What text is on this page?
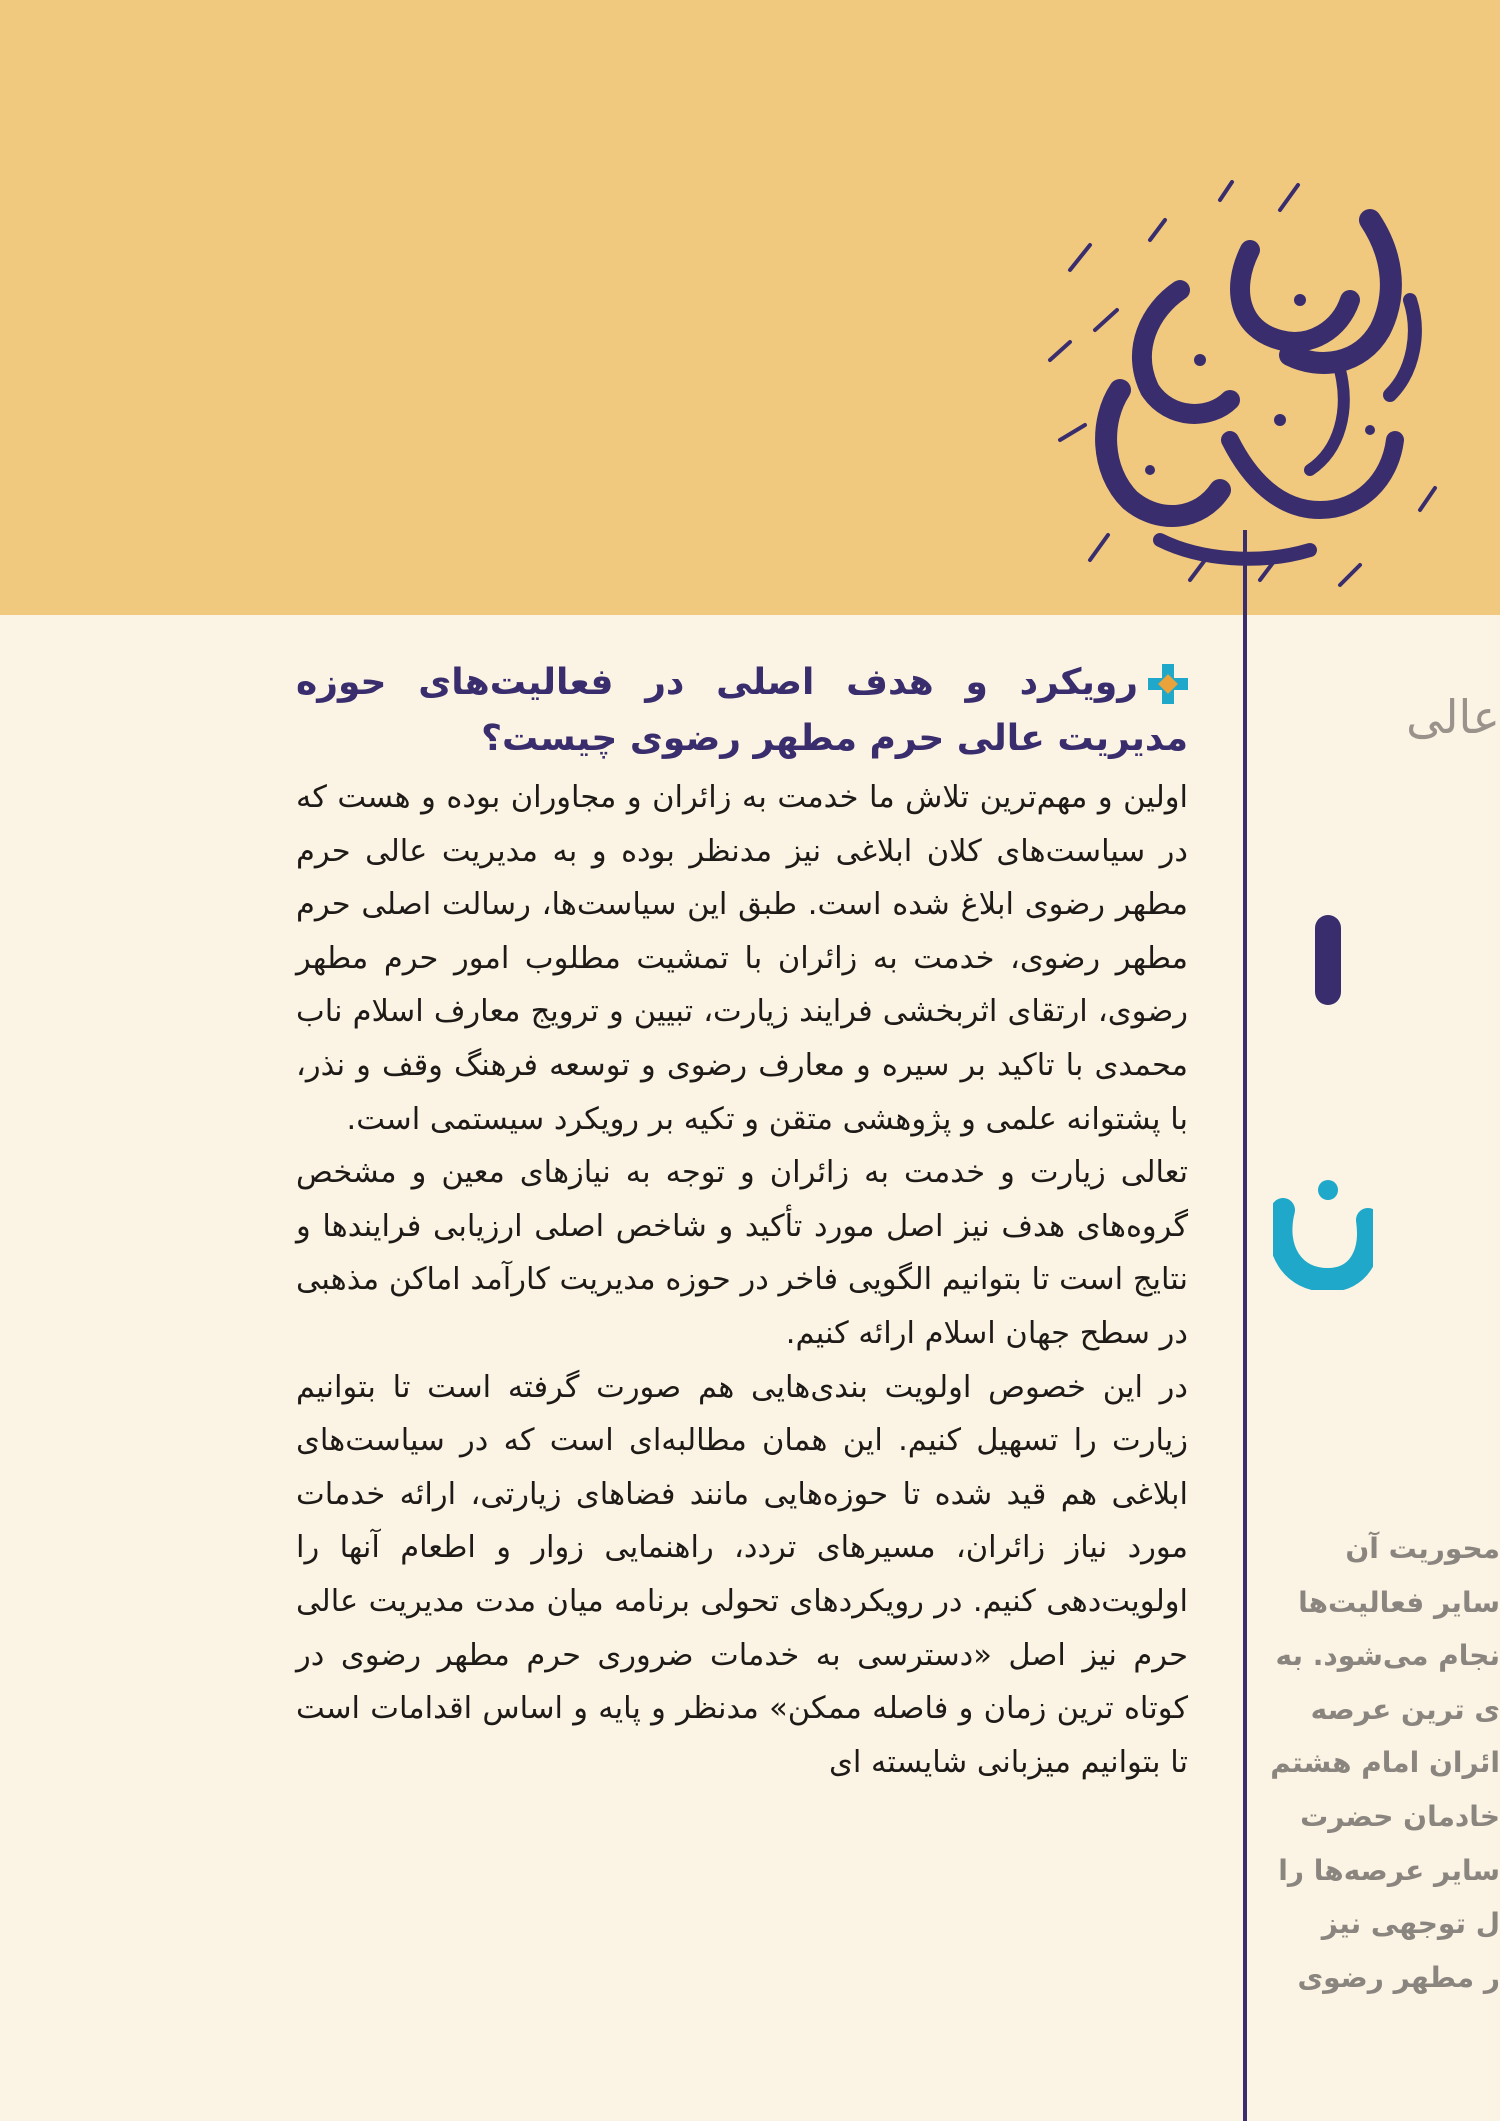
رویکرد و هدف اصلی در فعالیت‌های حوزه مدیریت عالی حرم مطهر رضوی چیست؟

اولین و مهم‌ترین تلاش ما خدمت به زائران و مجاوران بوده و هست که در سیاست‌های کلان ابلاغی نیز مدنظر بوده و به مدیریت عالی حرم مطهر رضوی ابلاغ شده است. طبق این سیاست‌ها، رسالت اصلی حرم مطهر رضوی، خدمت به زائران با تمشیت مطلوب امور حرم مطهر رضوی، ارتقای اثربخشی فرایند زیارت، تبیین و ترویج معارف اسلام ناب محمدی با تاکید بر سیره و معارف رضوی و توسعه فرهنگ وقف و نذر، با پشتوانه علمی و پژوهشی متقن و تکیه بر رویکرد سیستمی است.

تعالی زیارت و خدمت به زائران و توجه به نیازهای معین و مشخص گروه‌های هدف نیز اصل مورد تأکید و شاخص اصلی ارزیابی فرایندها و نتایج است تا بتوانیم الگویی فاخر در حوزه مدیریت کارآمد اماکن مذهبی در سطح جهان اسلام ارائه کنیم.

در این خصوص اولویت بندی‌هایی هم صورت گرفته است تا بتوانیم زیارت را تسهیل کنیم. این همان مطالبه‌ای است که در سیاست‌های ابلاغی هم قید شده تا حوزه‌هایی مانند فضاهای زیارتی، ارائه خدمات مورد نیاز زائران، مسیرهای تردد، راهنمایی زوار و اطعام آنها را اولویت‌دهی کنیم. در رویکردهای تحولی برنامه میان مدت مدیریت عالی حرم نیز اصل «دسترسی به خدمات ضروری حرم مطهر رضوی در کوتاه ترین زمان و فاصله ممکن» مدنظر و پایه و اساس اقدامات است تا بتوانیم میزبانی شایسته ای

عالی
محوریت آن
سایر فعالیت‌ها
نجام می‌شود. به
ی ترین عرصه
ائران امام هشتم
خادمان حضرت
سایر عرصه‌ها را
ل توجهی نیز
ر مطهر رضوی
